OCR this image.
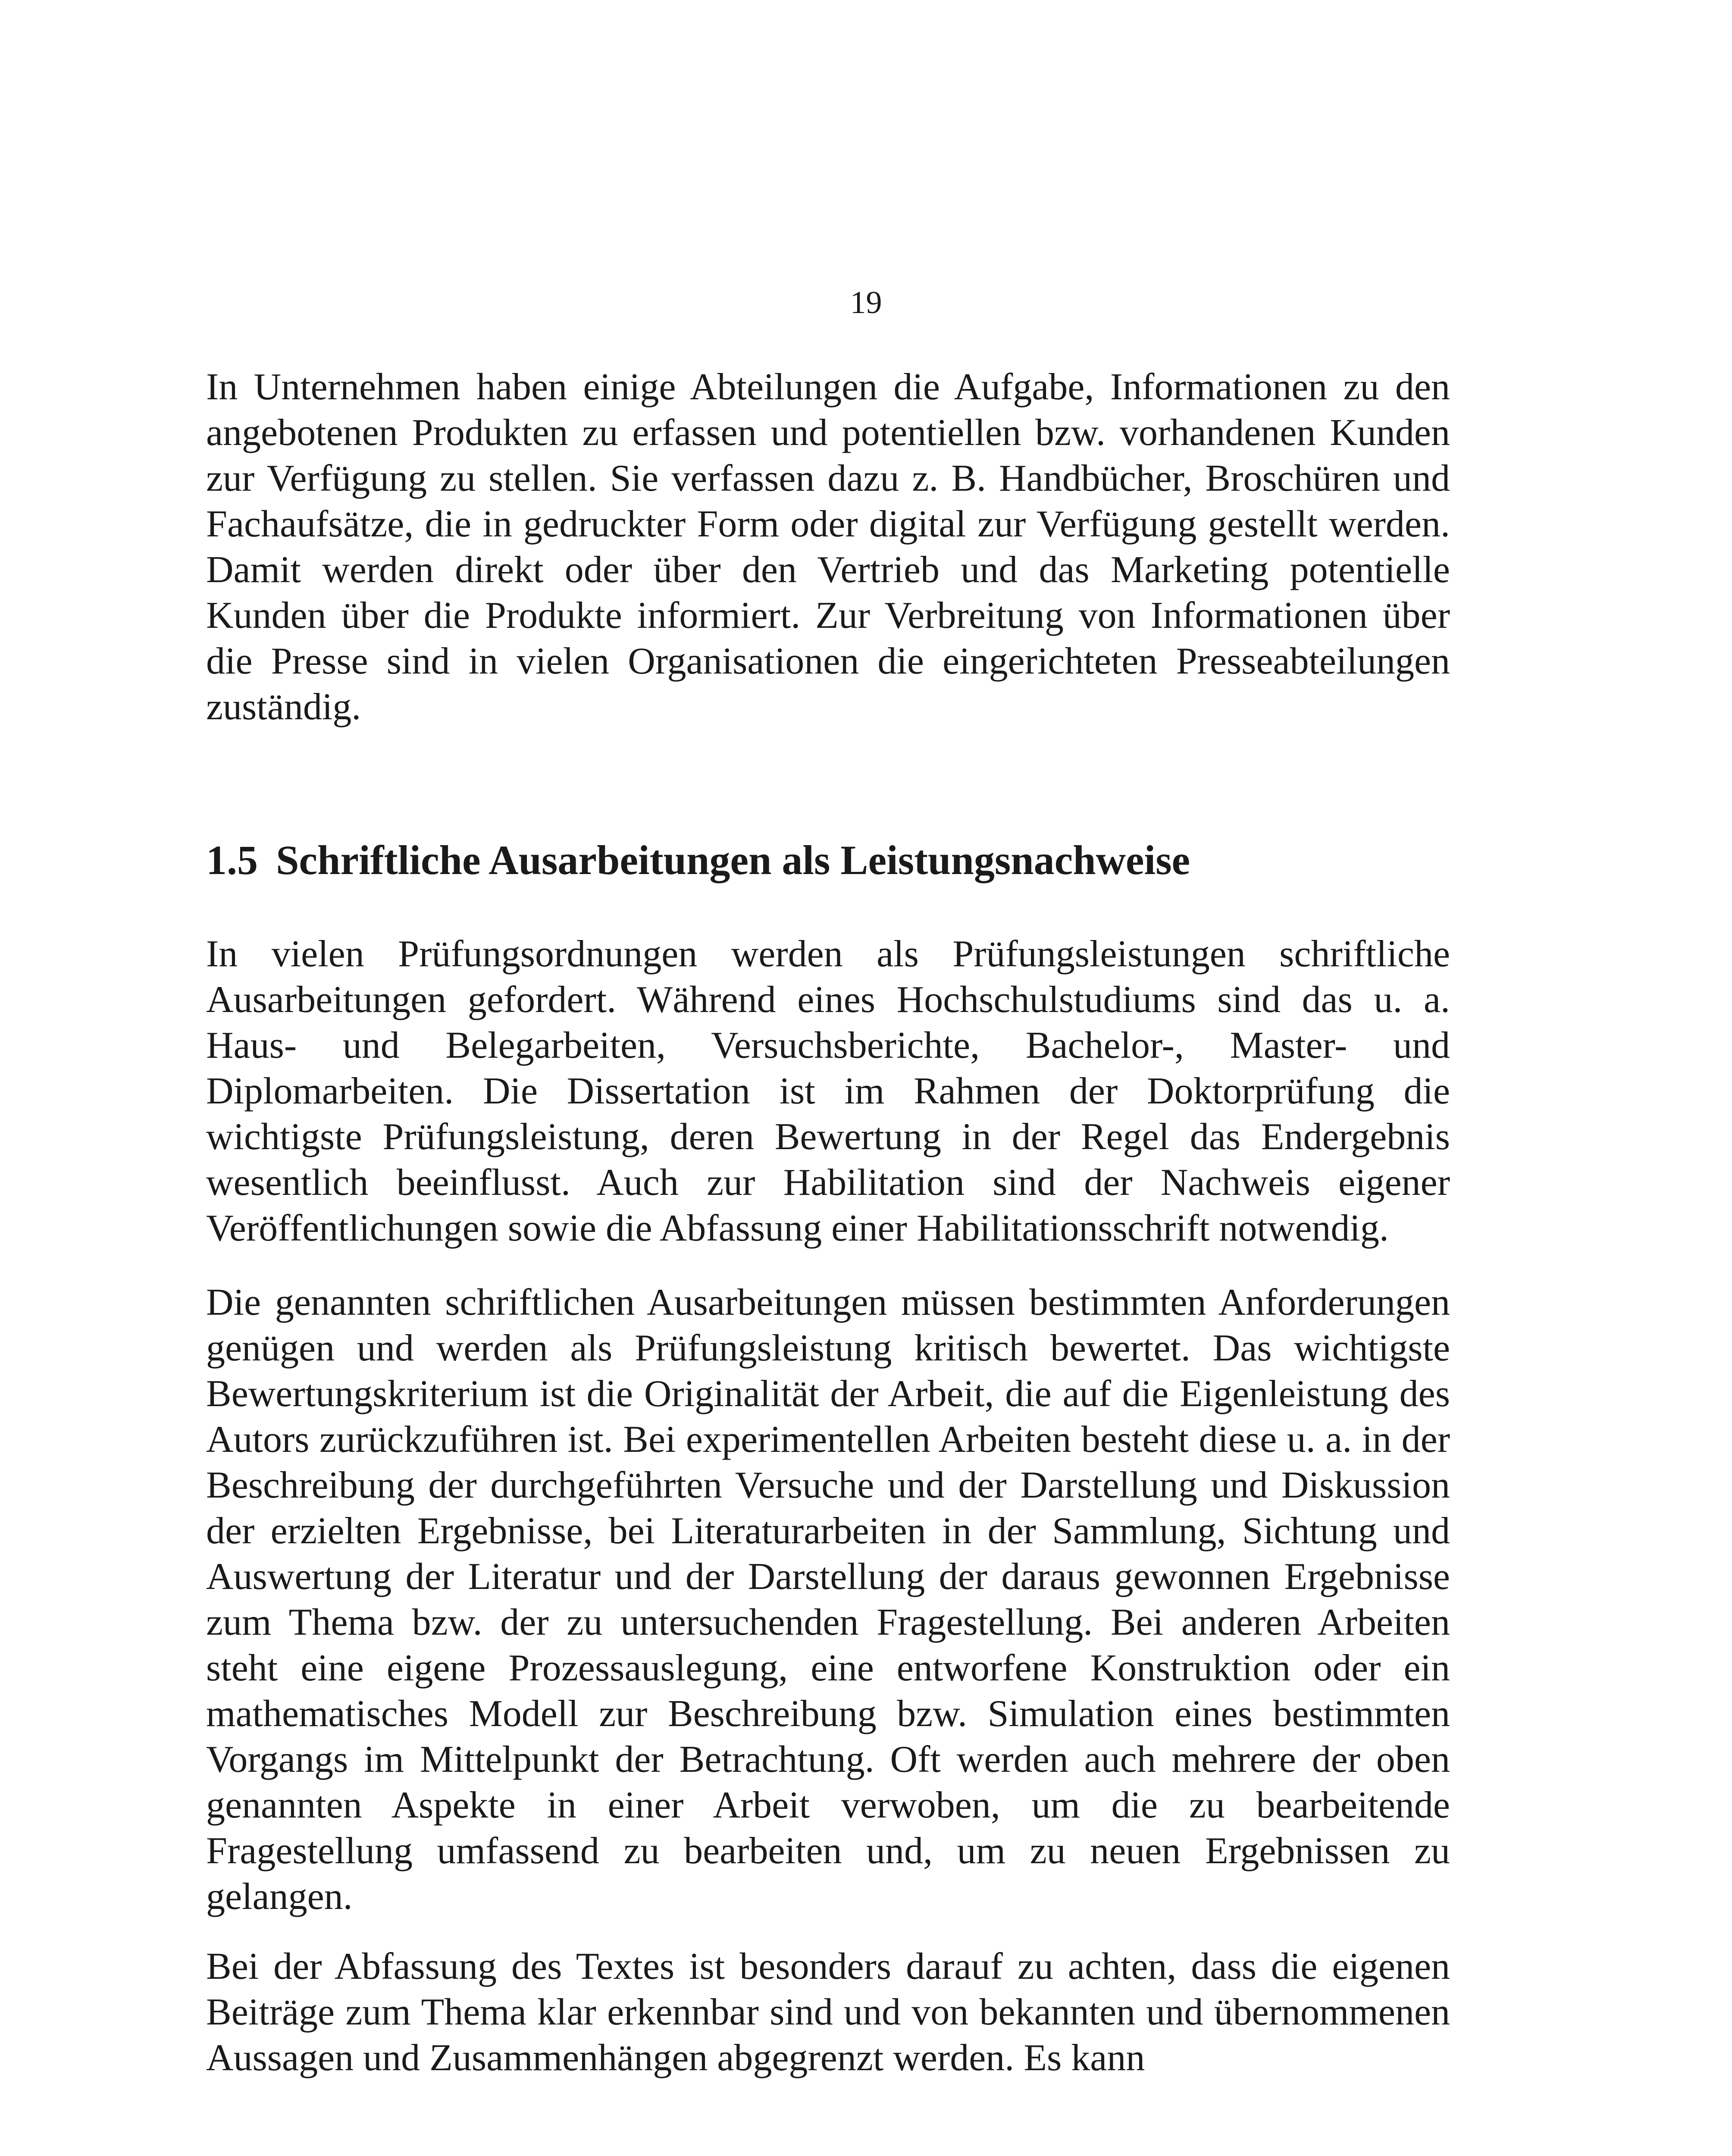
19

In Unternehmen haben einige Abteilungen die Aufgabe, Informationen zu den angebotenen Produkten zu erfassen und potentiellen bzw. vorhandenen Kunden zur Verfügung zu stellen. Sie verfassen dazu z. B. Handbücher, Broschüren und Fachaufsätze, die in gedruckter Form oder digital zur Verfügung gestellt werden. Damit werden direkt oder über den Vertrieb und das Marketing potentielle Kunden über die Produkte informiert. Zur Verbreitung von Informationen über die Presse sind in vielen Organisationen die eingerichteten Presseabteilungen zuständig.

1.5 Schriftliche Ausarbeitungen als Leistungsnachweise

In vielen Prüfungsordnungen werden als Prüfungsleistungen schriftliche Ausarbeitungen gefordert. Während eines Hochschulstudiums sind das u. a. Haus- und Belegarbeiten, Versuchsberichte, Bachelor-, Master- und Diplomarbeiten. Die Dissertation ist im Rahmen der Doktorprüfung die wichtigste Prüfungsleistung, deren Bewertung in der Regel das Endergebnis wesentlich beeinflusst. Auch zur Habilitation sind der Nachweis eigener Veröffentlichungen sowie die Abfassung einer Habilitationsschrift notwendig.

Die genannten schriftlichen Ausarbeitungen müssen bestimmten Anforderungen genügen und werden als Prüfungsleistung kritisch bewertet. Das wichtigste Bewertungskriterium ist die Originalität der Arbeit, die auf die Eigenleistung des Autors zurückzuführen ist. Bei experimentellen Arbeiten besteht diese u. a. in der Beschreibung der durchgeführten Versuche und der Darstellung und Diskussion der erzielten Ergebnisse, bei Literaturarbeiten in der Sammlung, Sichtung und Auswertung der Literatur und der Darstellung der daraus gewonnen Ergebnisse zum Thema bzw. der zu untersuchenden Fragestellung. Bei anderen Arbeiten steht eine eigene Prozessauslegung, eine entworfene Konstruktion oder ein mathematisches Modell zur Beschreibung bzw. Simulation eines bestimmten Vorgangs im Mittelpunkt der Betrachtung. Oft werden auch mehrere der oben genannten Aspekte in einer Arbeit verwoben, um die zu bearbeitende Fragestellung umfassend zu bearbeiten und, um zu neuen Ergebnissen zu gelangen.

Bei der Abfassung des Textes ist besonders darauf zu achten, dass die eigenen Beiträge zum Thema klar erkennbar sind und von bekannten und übernommenen Aussagen und Zusammenhängen abgegrenzt werden. Es kann
